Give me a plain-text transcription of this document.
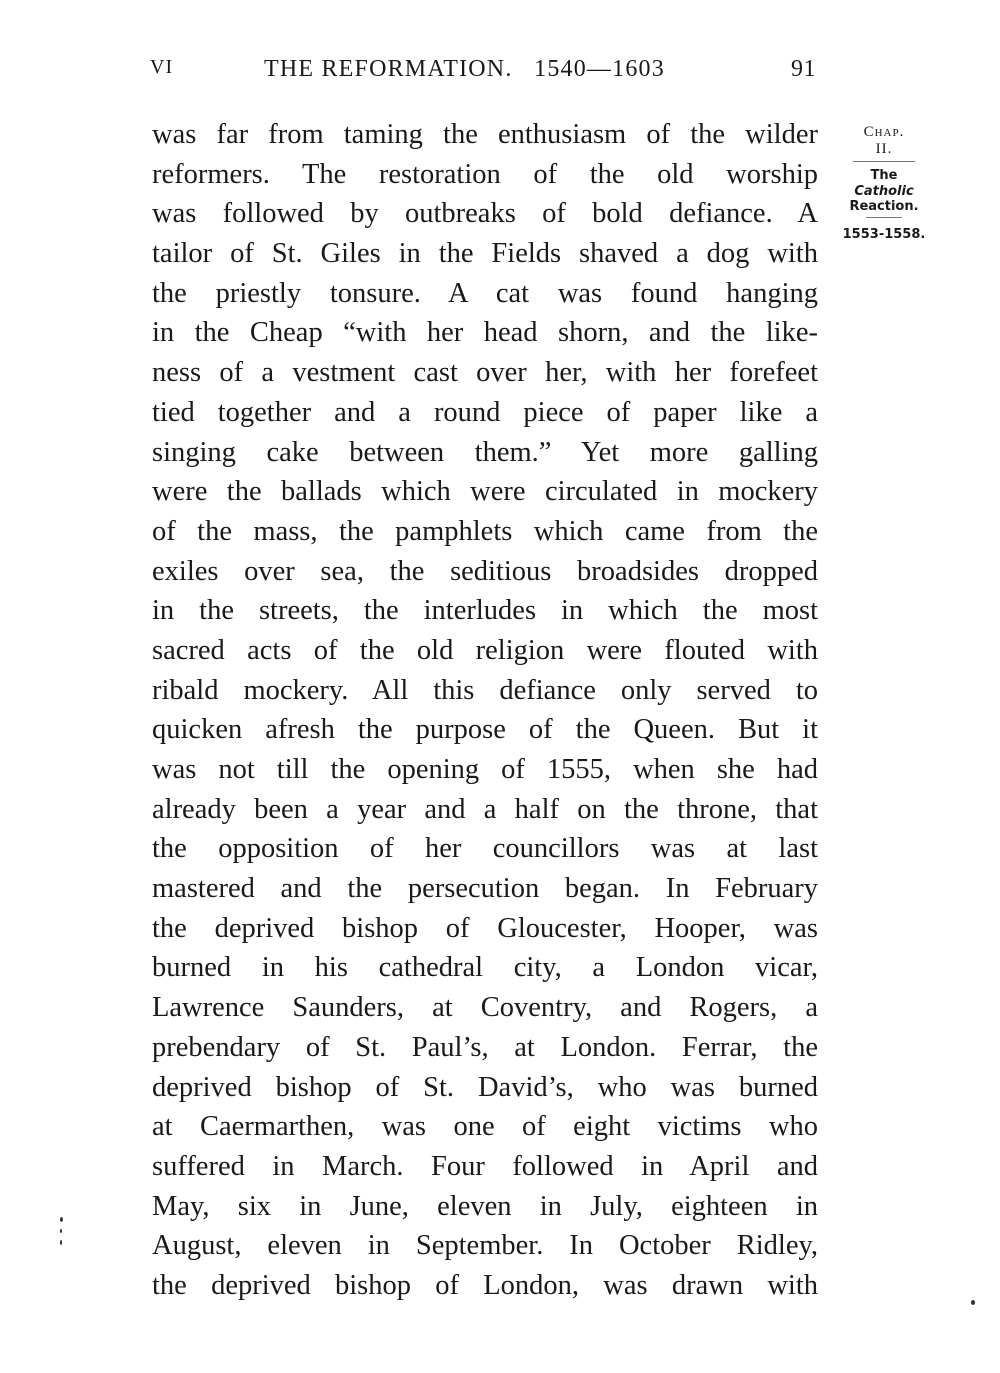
VI	THE REFORMATION.   1540—1603	91
was far from taming the enthusiasm of the wilder
reformers. The restoration of the old worship
was followed by outbreaks of bold defiance. A
tailor of St. Giles in the Fields shaved a dog with
the priestly tonsure. A cat was found hanging
in the Cheap “with her head shorn, and the like-
ness of a vestment cast over her, with her forefeet
tied together and a round piece of paper like a
singing cake between them.” Yet more galling
were the ballads which were circulated in mockery
of the mass, the pamphlets which came from the
exiles over sea, the seditious broadsides dropped
in the streets, the interludes in which the most
sacred acts of the old religion were flouted with
ribald mockery. All this defiance only served to
quicken afresh the purpose of the Queen. But it
was not till the opening of 1555, when she had
already been a year and a half on the throne, that
the opposition of her councillors was at last
mastered and the persecution began. In February
the deprived bishop of Gloucester, Hooper, was
burned in his cathedral city, a London vicar,
Lawrence Saunders, at Coventry, and Rogers, a
prebendary of St. Paul’s, at London. Ferrar, the
deprived bishop of St. David’s, who was burned
at Caermarthen, was one of eight victims who
suffered in March. Four followed in April and
May, six in June, eleven in July, eighteen in
August, eleven in September. In October Ridley,
the deprived bishop of London, was drawn with
Chap. II.
The
Catholic
Reaction.
1553-1558.
